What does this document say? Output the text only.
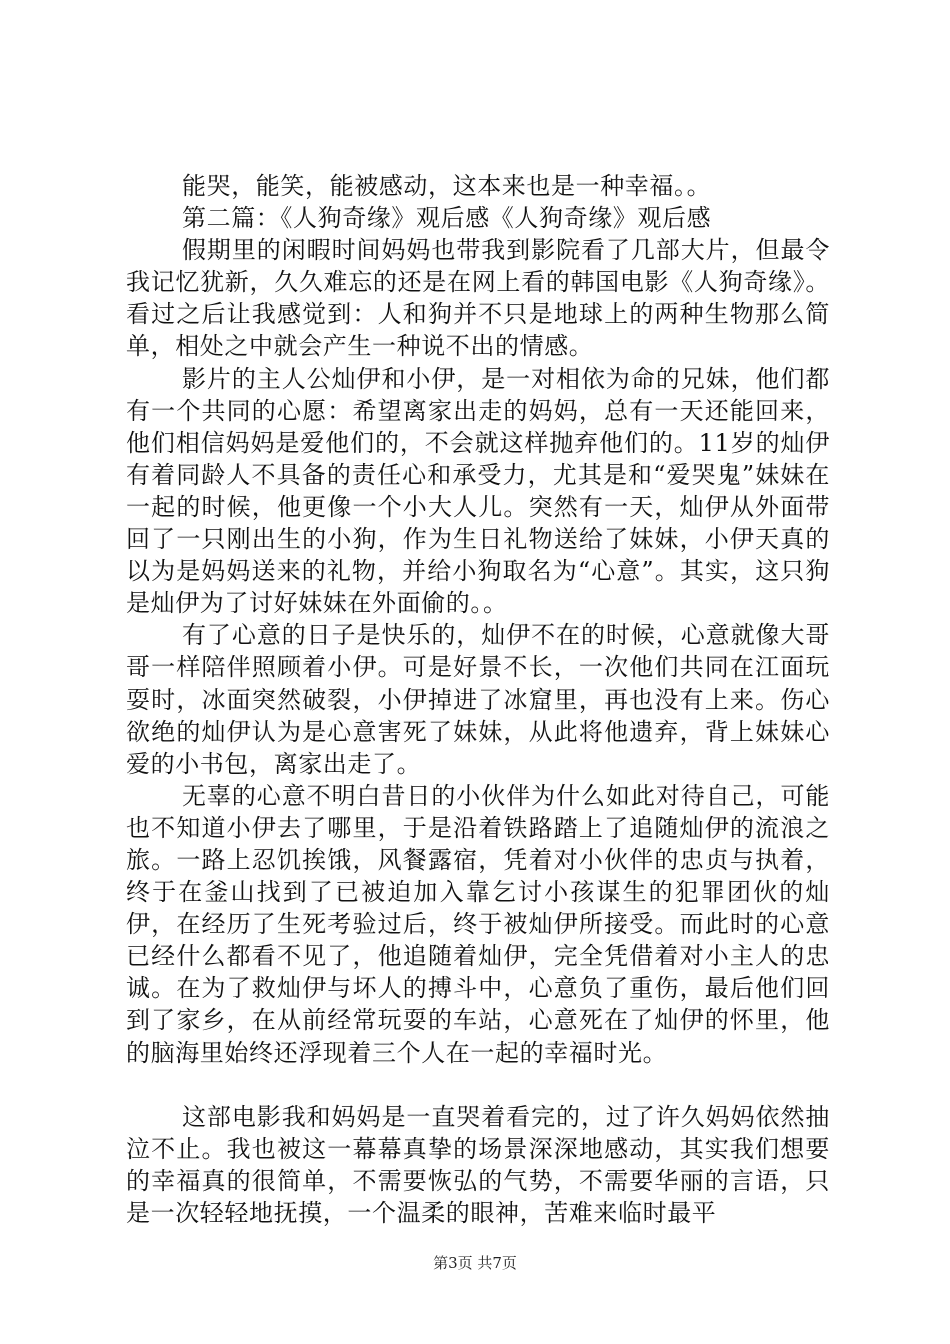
能哭，能笑，能被感动，这本来也是一种幸福。。

第二篇：《人狗奇缘》观后感《人狗奇缘》观后感

假期里的闲暇时间妈妈也带我到影院看了几部大片，但最令我记忆犹新，久久难忘的还是在网上看的韩国电影《人狗奇缘》。看过之后让我感觉到：人和狗并不只是地球上的两种生物那么简单，相处之中就会产生一种说不出的情感。

影片的主人公灿伊和小伊，是一对相依为命的兄妹，他们都有一个共同的心愿：希望离家出走的妈妈，总有一天还能回来，他们相信妈妈是爱他们的，不会就这样抛弃他们的。11岁的灿伊有着同龄人不具备的责任心和承受力，尤其是和“爱哭鬼”妹妹在一起的时候，他更像一个小大人儿。突然有一天，灿伊从外面带回了一只刚出生的小狗，作为生日礼物送给了妹妹，小伊天真的以为是妈妈送来的礼物，并给小狗取名为“心意”。其实，这只狗是灿伊为了讨好妹妹在外面偷的。。

有了心意的日子是快乐的，灿伊不在的时候，心意就像大哥哥一样陪伴照顾着小伊。可是好景不长，一次他们共同在江面玩耍时，冰面突然破裂，小伊掉进了冰窟里，再也没有上来。伤心欲绝的灿伊认为是心意害死了妹妹，从此将他遗弃，背上妹妹心爱的小书包，离家出走了。

无辜的心意不明白昔日的小伙伴为什么如此对待自己，可能也不知道小伊去了哪里，于是沿着铁路踏上了追随灿伊的流浪之旅。一路上忍饥挨饿，风餐露宿，凭着对小伙伴的忠贞与执着，终于在釜山找到了已被迫加入靠乞讨小孩谋生的犯罪团伙的灿伊，在经历了生死考验过后，终于被灿伊所接受。而此时的心意已经什么都看不见了，他追随着灿伊，完全凭借着对小主人的忠诚。在为了救灿伊与坏人的搏斗中，心意负了重伤，最后他们回到了家乡，在从前经常玩耍的车站，心意死在了灿伊的怀里，他的脑海里始终还浮现着三个人在一起的幸福时光。

这部电影我和妈妈是一直哭着看完的，过了许久妈妈依然抽泣不止。我也被这一幕幕真挚的场景深深地感动，其实我们想要的幸福真的很简单，不需要恢弘的气势，不需要华丽的言语，只是一次轻轻地抚摸，一个温柔的眼神，苦难来临时最平

第3页 共7页
